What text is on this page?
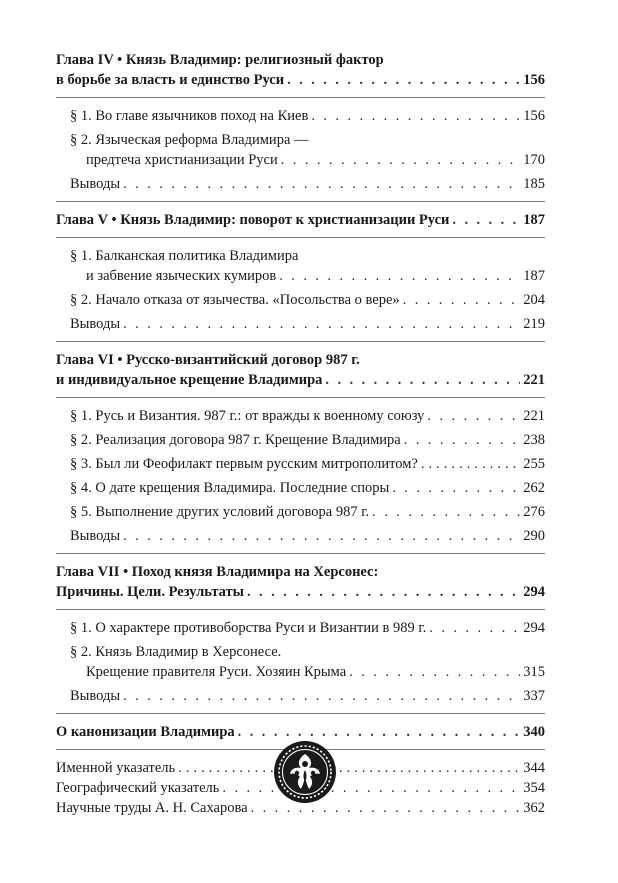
Глава IV • Князь Владимир: религиозный фактор
в борьбе за власть и единство Руси . . .	156
§ 1. Во главе язычников поход на Киев . . .	156
§ 2. Языческая реформа Владимира —
предтеча христианизации Руси . . .	170
Выводы . . .	185
Глава V • Князь Владимир: поворот к христианизации Руси . . .	187
§ 1. Балканская политика Владимира
и забвение языческих кумиров . . .	187
§ 2. Начало отказа от язычества. «Посольства о вере» . . .	204
Выводы . . .	219
Глава VI • Русско-византийский договор 987 г.
и индивидуальное крещение Владимира . . .	221
§ 1. Русь и Византия. 987 г.: от вражды к военному союзу . . .	221
§ 2. Реализация договора 987 г. Крещение Владимира . . .	238
§ 3. Был ли Феофилакт первым русским митрополитом? . . .	255
§ 4. О дате крещения Владимира. Последние споры . . .	262
§ 5. Выполнение других условий договора 987 г. . . .	276
Выводы . . .	290
Глава VII • Поход князя Владимира на Херсонес:
Причины. Цели. Результаты . . .	294
§ 1. О характере противоборства Руси и Византии в 989 г. . . .	294
§ 2. Князь Владимир в Херсонесе.
Крещение правителя Руси. Хозяин Крыма . . .	315
Выводы . . .	337
О канонизации Владимира . . .	340
Именной указатель . . .	344
Географический указатель . . .	354
Научные труды А. Н. Сахарова . . .	362
